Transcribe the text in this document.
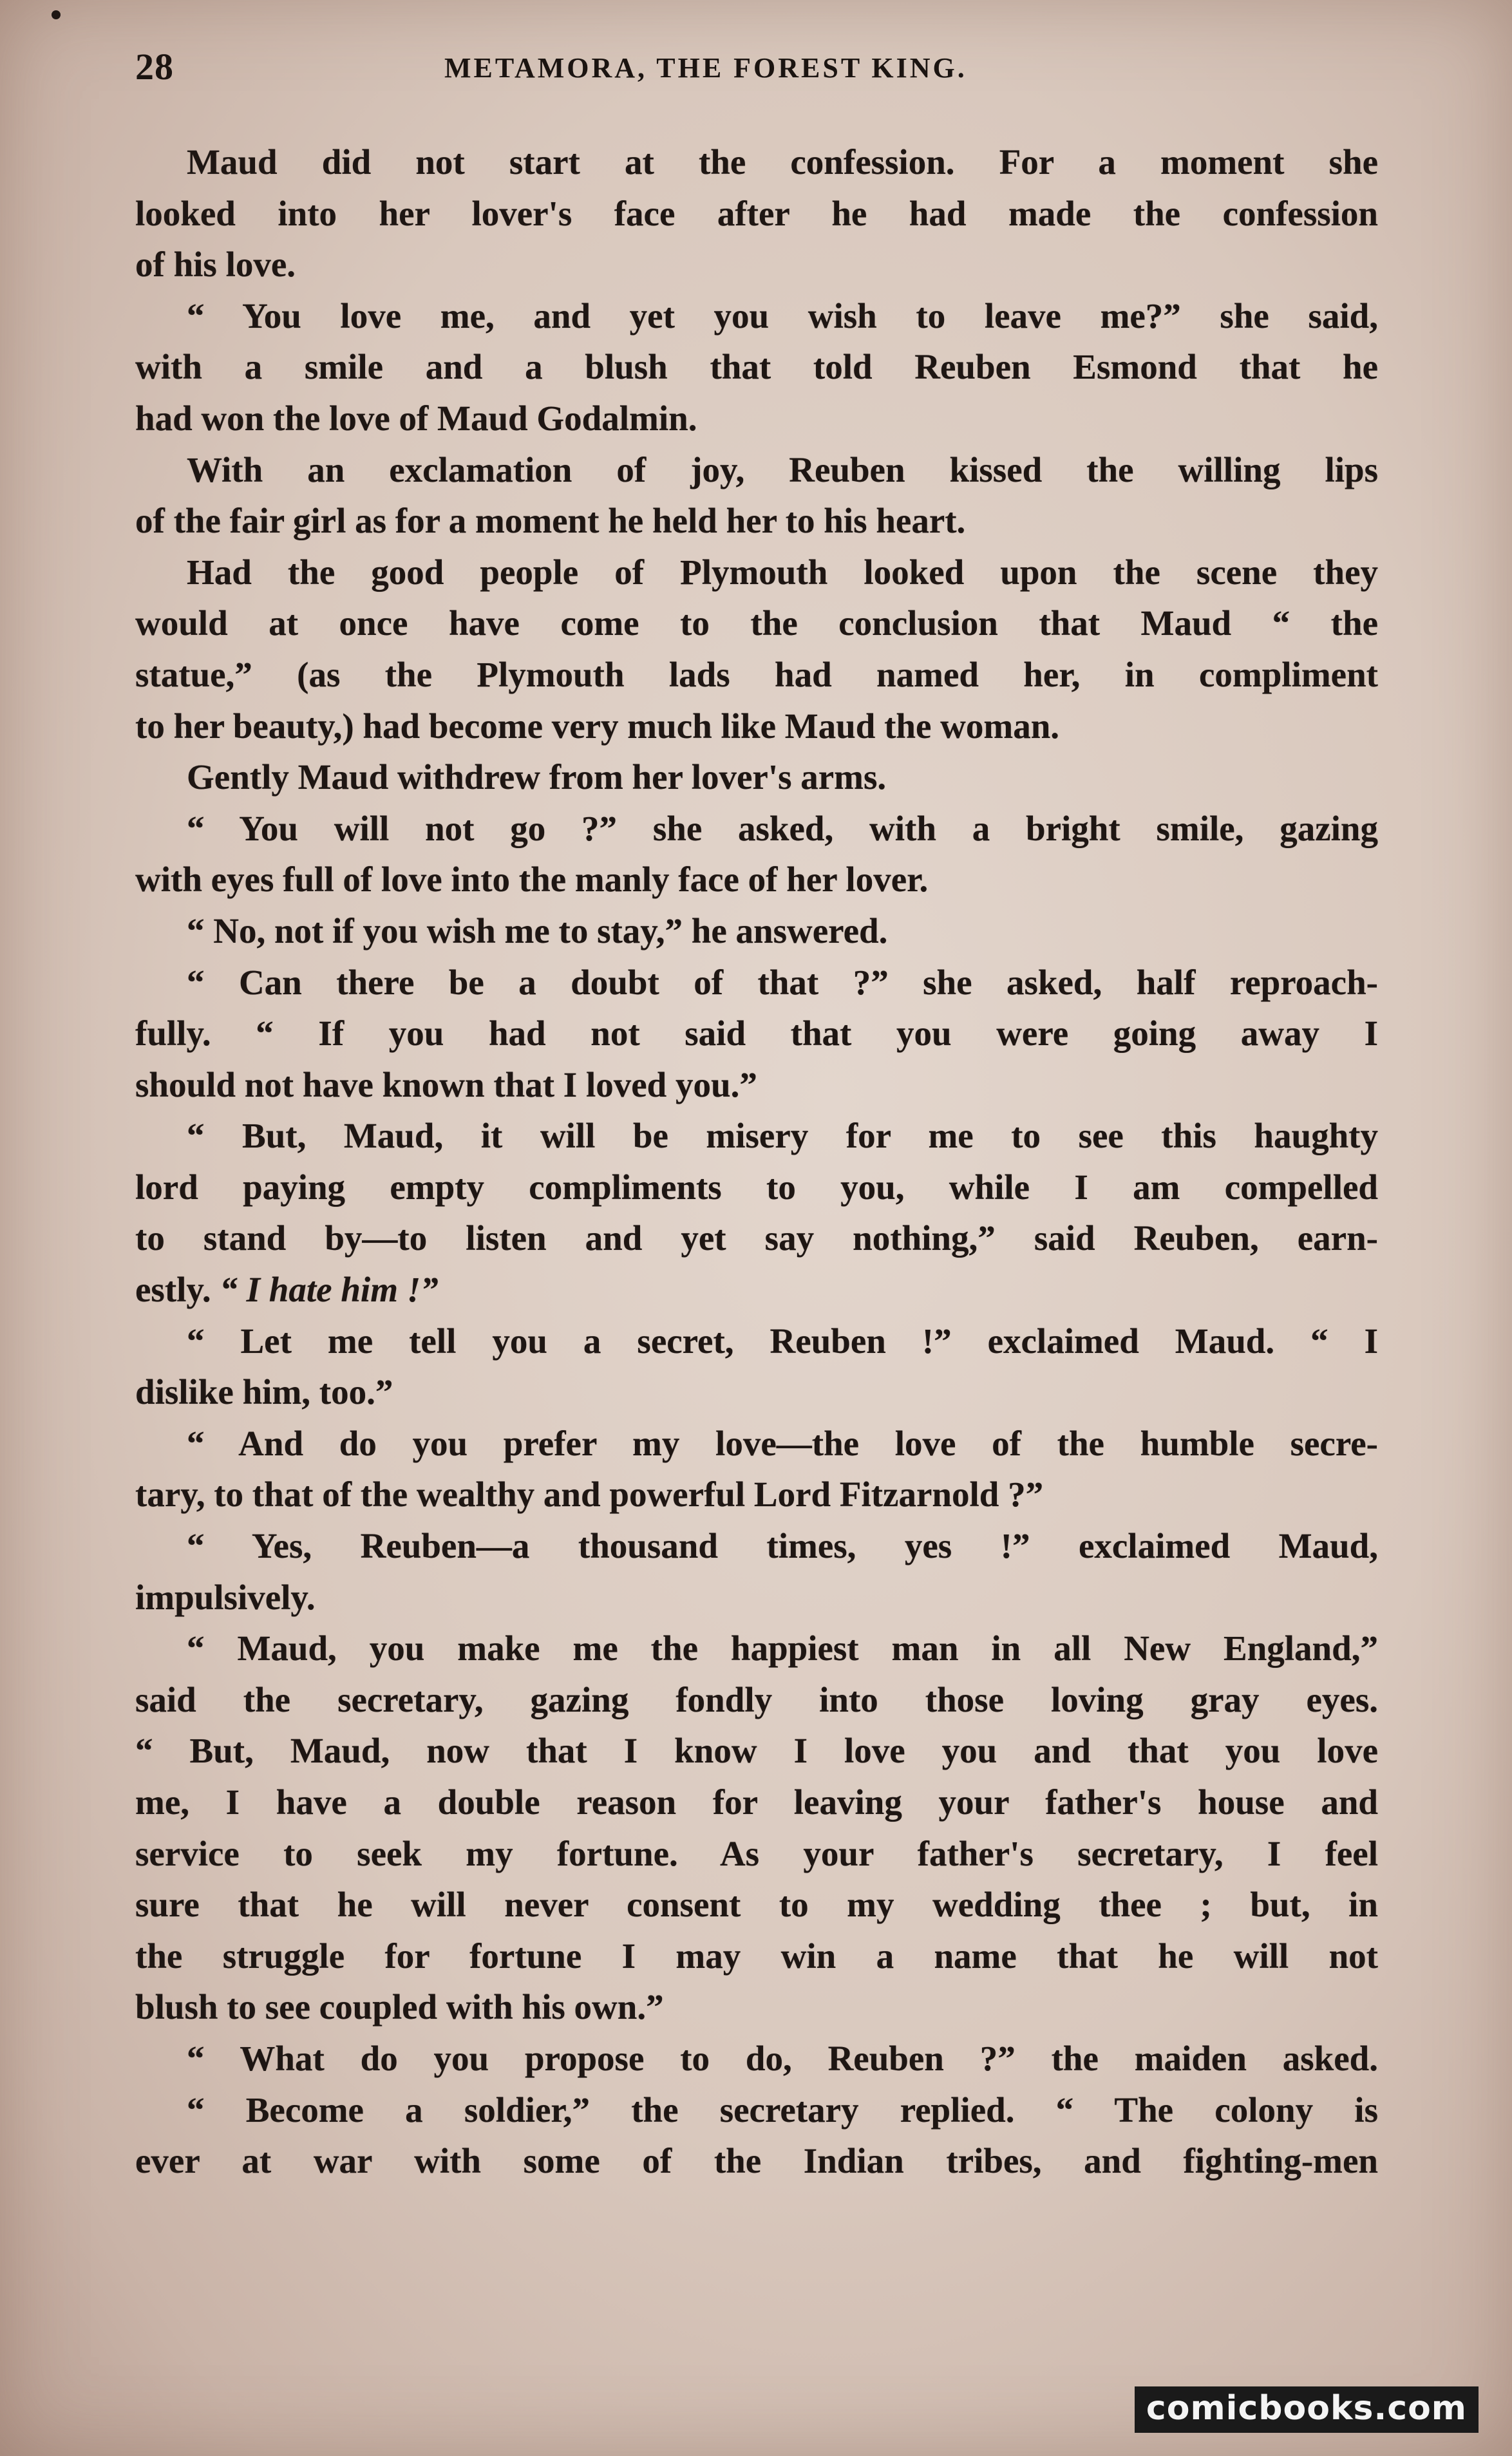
28	METAMORA, THE FOREST KING.
Maud did not start at the confession. For a moment she
looked into her lover's face after he had made the confession
of his love.
“ You love me, and yet you wish to leave me?” she said,
with a smile and a blush that told Reuben Esmond that he
had won the love of Maud Godalmin.
With an exclamation of joy, Reuben kissed the willing lips
of the fair girl as for a moment he held her to his heart.
Had the good people of Plymouth looked upon the scene they
would at once have come to the conclusion that Maud “ the
statue,” (as the Plymouth lads had named her, in compliment
to her beauty,) had become very much like Maud the woman.
Gently Maud withdrew from her lover's arms.
“ You will not go ?” she asked, with a bright smile, gazing
with eyes full of love into the manly face of her lover.
“ No, not if you wish me to stay,” he answered.
“ Can there be a doubt of that ?” she asked, half reproach-
fully. “ If you had not said that you were going away I
should not have known that I loved you.”
“ But, Maud, it will be misery for me to see this haughty
lord paying empty compliments to you, while I am compelled
to stand by—to listen and yet say nothing,” said Reuben, earn-
estly. “ I hate him !”
“ Let me tell you a secret, Reuben !” exclaimed Maud. “ I
dislike him, too.”
“ And do you prefer my love—the love of the humble secre-
tary, to that of the wealthy and powerful Lord Fitzarnold ?”
“ Yes, Reuben—a thousand times, yes !” exclaimed Maud,
impulsively.
“ Maud, you make me the happiest man in all New England,”
said the secretary, gazing fondly into those loving gray eyes.
“ But, Maud, now that I know I love you and that you love
me, I have a double reason for leaving your father's house and
service to seek my fortune. As your father's secretary, I feel
sure that he will never consent to my wedding thee ; but, in
the struggle for fortune I may win a name that he will not
blush to see coupled with his own.”
“ What do you propose to do, Reuben ?” the maiden asked.
“ Become a soldier,” the secretary replied. “ The colony is
ever at war with some of the Indian tribes, and fighting-men
comicbooks.com
